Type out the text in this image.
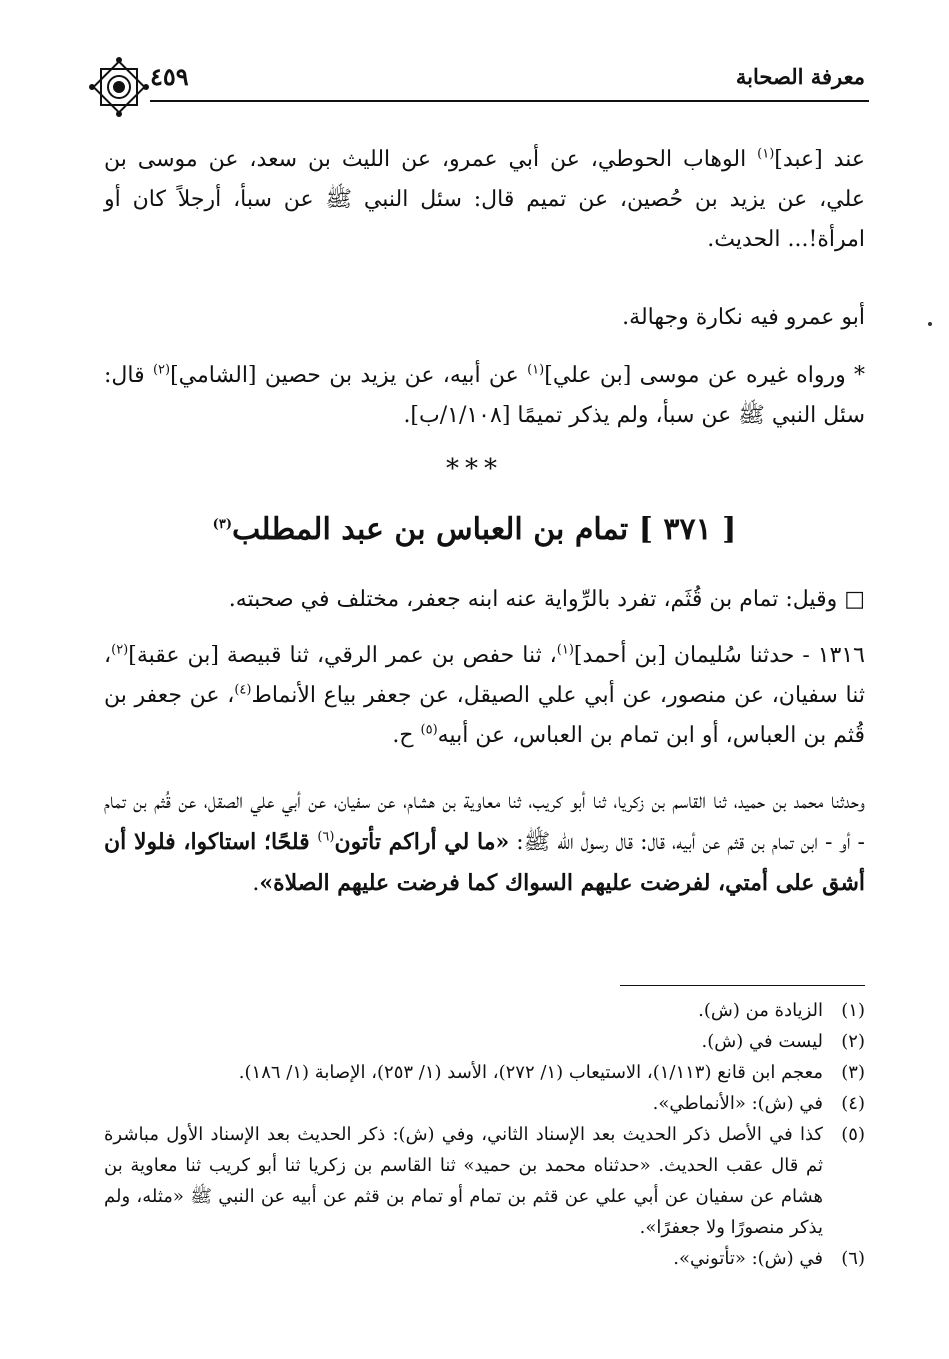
معرفة الصحابة
٤٥٩
عند [عبد]$^{(١)}$ الوهاب الحوطي، عن أبي عمرو، عن الليث بن سعد، عن موسى بن علي، عن يزيد بن حُصين، عن تميم قال: سئل النبي ﷺ عن سبأ، أرجلاً كان أو امرأة!... الحديث.
أبو عمرو فيه نكارة وجهالة.
* ورواه غيره عن موسى [بن علي]$^{(١)}$ عن أبيه، عن يزيد بن حصين [الشامي]$^{(٢)}$ قال: سئل النبي ﷺ عن سبأ، ولم يذكر تميمًا [١/١٠٨/ب].
***
[ ٣٧١ ] تمام بن العباس بن عبد المطلب$^{(٣)}$
□ وقيل: تمام بن قُثَم، تفرد بالرِّواية عنه ابنه جعفر، مختلف في صحبته.
١٣١٦ - حدثنا سُليمان [بن أحمد]$^{(١)}$، ثنا حفص بن عمر الرقي، ثنا قبيصة [بن عقبة]$^{(٢)}$، ثنا سفيان، عن منصور، عن أبي علي الصيقل، عن جعفر بياع الأنماط$^{(٤)}$، عن جعفر بن قُثم بن العباس، أو ابن تمام بن العباس، عن أبيه$^{(٥)}$ ح.
وحدثنا محمد بن حميد، ثنا القاسم بن زكريا، ثنا أبو كريب، ثنا معاوية بن هشام، عن سفيان، عن أبي علي الصقل، عن قُثم بن تمام - أو - ابن تمام بن قثم عن أبيه، قال: قال رسول الله ﷺ: «ما لي أراكم تأتون$^{(٦)}$ قلحًا؛ استاكوا، فلولا أن أشق على أمتي، لفرضت عليهم السواك كما فرضت عليهم الصلاة».
(١)
الزيادة من (ش).
(٢)
ليست في (ش).
(٣)
معجم ابن قانع (١/١١٣)، الاستيعاب (١/ ٢٧٢)، الأسد (١/ ٢٥٣)، الإصابة (١/ ١٨٦).
(٤)
في (ش): «الأنماطي».
(٥)
كذا في الأصل ذكر الحديث بعد الإسناد الثاني، وفي (ش): ذكر الحديث بعد الإسناد الأول مباشرة ثم قال عقب الحديث. «حدثناه محمد بن حميد» ثنا القاسم بن زكريا ثنا أبو كريب ثنا معاوية بن هشام عن سفيان عن أبي علي عن قثم بن تمام أو تمام بن قثم عن أبيه عن النبي ﷺ «مثله، ولم يذكر منصورًا ولا جعفرًا».
(٦)
في (ش): «تأتوني».
